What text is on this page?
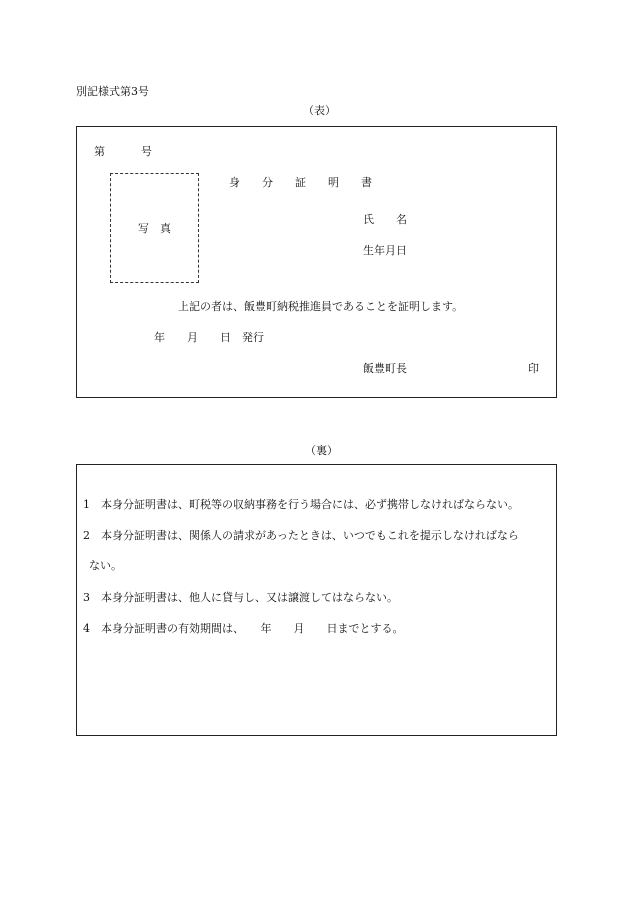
別記様式第3号
（表）
第	号
写　真
身　　分　　証　　明　　書
氏　　名
生年月日
上記の者は、飯豊町納税推進員であることを証明します。
年　　月　　日　発行
飯豊町長	印
（裏）
1 本身分証明書は、町税等の収納事務を行う場合には、必ず携帯しなければならない。
2 本身分証明書は、関係人の請求があったときは、いつでもこれを提示しなければなら
ない。
3 本身分証明書は、他人に貸与し、又は譲渡してはならない。
4 本身分証明書の有効期間は、　　年　　月　　日までとする。
